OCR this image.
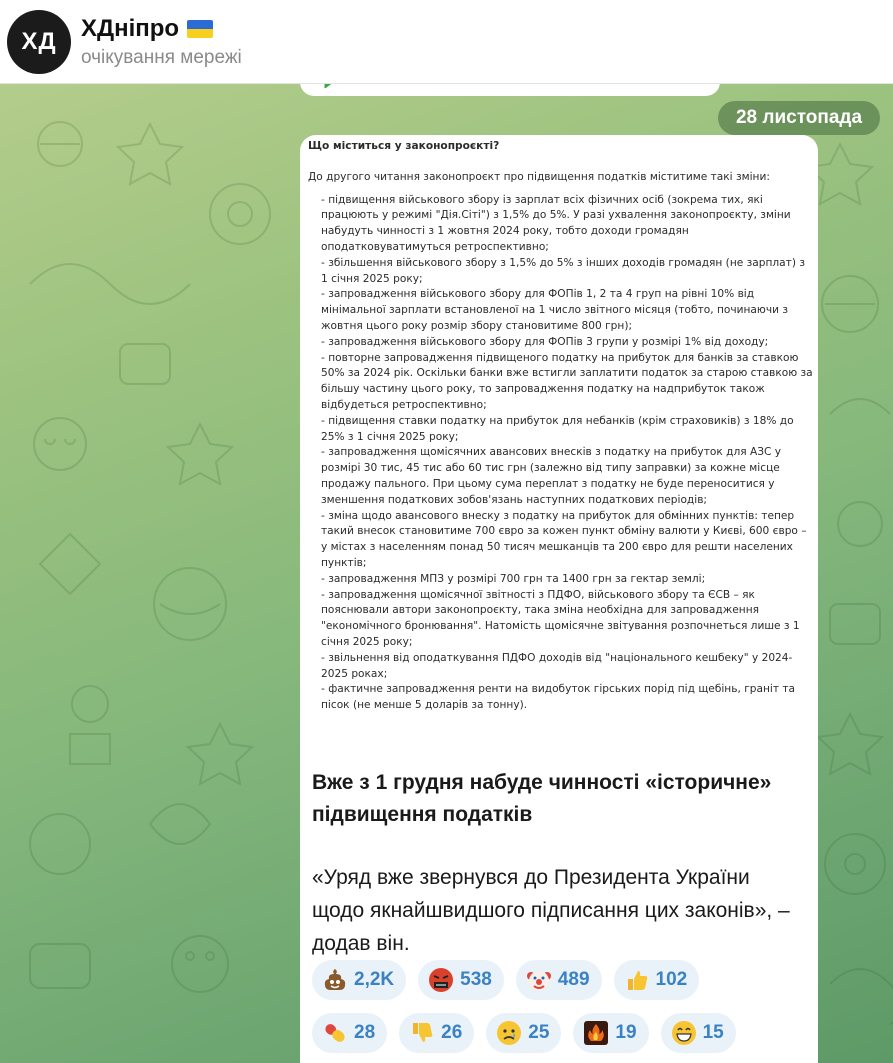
ХД ХДніпро
очікування мережі
28 листопада
Що міститься у законопроєкті?
До другого читання законопроєкт про підвищення податків міститиме такі зміни:
- підвищення військового збору із зарплат всіх фізичних осіб (зокрема тих, які працюють у режимі "Дія.Сіті") з 1,5% до 5%. У разі ухвалення законопроєкту, зміни набудуть чинності з 1 жовтня 2024 року, тобто доходи громадян оподатковуватимуться ретроспективно;
- збільшення військового збору з 1,5% до 5% з інших доходів громадян (не зарплат) з 1 січня 2025 року;
- запровадження військового збору для ФОПів 1, 2 та 4 груп на рівні 10% від мінімальної зарплати встановленої на 1 число звітного місяця (тобто, починаючи з жовтня цього року розмір збору становитиме 800 грн);
- запровадження військового збору для ФОПів 3 групи у розмірі 1% від доходу;
- повторне запровадження підвищеного податку на прибуток для банків за ставкою 50% за 2024 рік. Оскільки банки вже встигли заплатити податок за старою ставкою за більшу частину цього року, то запровадження податку на надприбуток також відбудеться ретроспективно;
- підвищення ставки податку на прибуток для небанків (крім страховиків) з 18% до 25% з 1 січня 2025 року;
- запровадження щомісячних авансових внесків з податку на прибуток для АЗС у розмірі 30 тис, 45 тис або 60 тис грн (залежно від типу заправки) за кожне місце продажу пального. При цьому сума переплат з податку не буде переноситися у зменшення податкових зобов'язань наступних податкових періодів;
- зміна щодо авансового внеску з податку на прибуток для обмінних пунктів: тепер такий внесок становитиме 700 євро за кожен пункт обміну валюти у Києві, 600 євро – у містах з населенням понад 50 тисяч мешканців та 200 євро для решти населених пунктів;
- запровадження МПЗ у розмірі 700 грн та 1400 грн за гектар землі;
- запровадження щомісячної звітності з ПДФО, військового збору та ЄСВ – як пояснювали автори законопроєкту, така зміна необхідна для запровадження "економічного бронювання". Натомість щомісячне звітування розпочнеться лише з 1 січня 2025 року;
- звільнення від оподаткування ПДФО доходів від "національного кешбеку" у 2024-2025 роках;
- фактичне запровадження ренти на видобуток гірських порід під щебінь, граніт та пісок (не менше 5 доларів за тонну).
Вже з 1 грудня набуде чинності «історичне» підвищення податків
«Уряд вже звернувся до Президента України щодо якнайшвидшого підписання цих законів», – додав він.
2,2K	538	489	102
28	26	25	19	15
